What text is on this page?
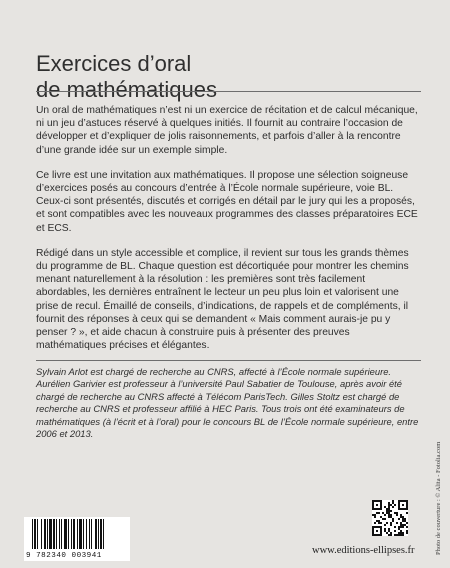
Exercices d’oral
de mathématiques

Un oral de mathématiques n’est ni un exercice de récitation et de calcul mécanique, ni un jeu d’astuces réservé à quelques initiés. Il fournit au contraire l’occasion de développer et d’expliquer de jolis raisonnements, et parfois d’aller à la rencontre d’une grande idée sur un exemple simple.

Ce livre est une invitation aux mathématiques. Il propose une sélection soigneuse d’exercices posés au concours d’entrée à l’École normale supérieure, voie BL. Ceux-ci sont présentés, discutés et corrigés en détail par le jury qui les a proposés, et sont compatibles avec les nouveaux programmes des classes préparatoires ECE et ECS.

Rédigé dans un style accessible et complice, il revient sur tous les grands thèmes du programme de BL. Chaque question est décortiquée pour montrer les chemins menant naturellement à la résolution : les premières sont très facilement abordables, les dernières entraînent le lecteur un peu plus loin et valorisent une prise de recul. Émaillé de conseils, d’indications, de rappels et de compléments, il fournit des réponses à ceux qui se demandent « Mais comment aurais-je pu y penser ? », et aide chacun à construire puis à présenter des preuves mathématiques précises et élégantes.

Sylvain Arlot est chargé de recherche au CNRS, affecté à l’École normale supérieure. Aurélien Garivier est professeur à l’université Paul Sabatier de Toulouse, après avoir été chargé de recherche au CNRS affecté à Télécom ParisTech. Gilles Stoltz est chargé de recherche au CNRS et professeur affilié à HEC Paris. Tous trois ont été examinateurs de mathématiques (à l’écrit et à l’oral) pour le concours BL de l’École normale supérieure, entre 2006 et 2013.

Photo de couverture : © Alita - Fotolia.com
9 782340 003941	www.editions-ellipses.fr
